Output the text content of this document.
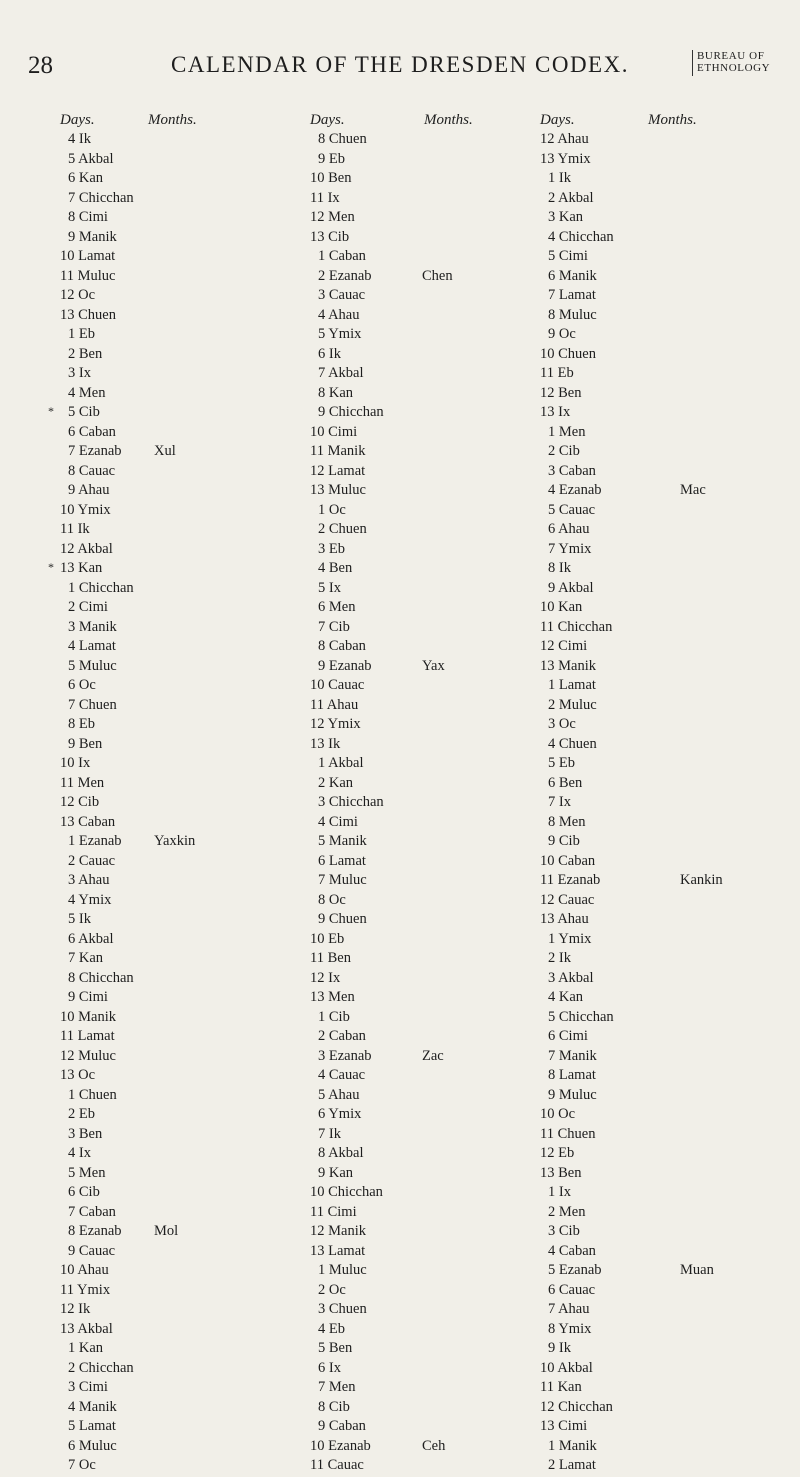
28	CALENDAR OF THE DRESDEN CODEX.	BUREAU OF
ETHNOLOGY
Days.	Months.
4 Ik
5 Akbal
6 Kan
7 Chicchan
8 Cimi
9 Manik
10 Lamat
11 Muluc
12 Oc
13 Chuen
1 Eb
2 Ben
3 Ix
4 Men
* 5 Cib
6 Caban
7 Ezanab Xul
8 Cauac
9 Ahau
10 Ymix
11 Ik
12 Akbal
* 13 Kan
1 Chicchan
2 Cimi
3 Manik
4 Lamat
5 Muluc
6 Oc
7 Chuen
8 Eb
9 Ben
10 Ix
11 Men
12 Cib
13 Caban
1 Ezanab Yaxkin
2 Cauac
3 Ahau
4 Ymix
5 Ik
6 Akbal
7 Kan
8 Chicchan
9 Cimi
10 Manik
11 Lamat
12 Muluc
13 Oc
1 Chuen
2 Eb
3 Ben
4 Ix
5 Men
6 Cib
7 Caban
8 Ezanab Mol
9 Cauac
10 Ahau
11 Ymix
12 Ik
13 Akbal
1 Kan
2 Chicchan
3 Cimi
4 Manik
5 Lamat
6 Muluc
7 Oc
Days.	Months.
8 Chuen
9 Eb
10 Ben
11 Ix
12 Men
13 Cib
1 Caban
2 Ezanab	Chen
3 Cauac
4 Ahau
5 Ymix
6 Ik
7 Akbal
8 Kan
9 Chicchan
10 Cimi
11 Manik
12 Lamat
13 Muluc
1 Oc
2 Chuen
3 Eb
4 Ben
5 Ix
6 Men
7 Cib
8 Caban
9 Ezanab	Yax
10 Cauac
11 Ahau
12 Ymix
13 Ik
1 Akbal
2 Kan
3 Chicchan
4 Cimi
5 Manik
6 Lamat
7 Muluc
8 Oc
9 Chuen
10 Eb
11 Ben
12 Ix
13 Men
1 Cib
2 Caban
3 Ezanab	Zac
4 Cauac
5 Ahau
6 Ymix
7 Ik
8 Akbal
9 Kan
10 Chicchan
11 Cimi
12 Manik
13 Lamat
1 Muluc
2 Oc
3 Chuen
4 Eb
5 Ben
6 Ix
7 Men
8 Cib
9 Caban
10 Ezanab	Ceh
11 Cauac
Days.	Months.
12 Ahau
13 Ymix
1 Ik
2 Akbal
3 Kan
4 Chicchan
5 Cimi
6 Manik
7 Lamat
8 Muluc
9 Oc
10 Chuen
11 Eb
12 Ben
13 Ix
1 Men
2 Cib
3 Caban
4 Ezanab	Mac
5 Cauac
6 Ahau
7 Ymix
8 Ik
9 Akbal
10 Kan
11 Chicchan
12 Cimi
13 Manik
1 Lamat
2 Muluc
3 Oc
4 Chuen
5 Eb
6 Ben
7 Ix
8 Men
9 Cib
10 Caban
11 Ezanab	Kankin
12 Cauac
13 Ahau
1 Ymix
2 Ik
3 Akbal
4 Kan
5 Chicchan
6 Cimi
7 Manik
8 Lamat
9 Muluc
10 Oc
11 Chuen
12 Eb
13 Ben
1 Ix
2 Men
3 Cib
4 Caban
5 Ezanab	Muan
6 Cauac
7 Ahau
8 Ymix
9 Ik
10 Akbal
11 Kan
12 Chicchan
13 Cimi
1 Manik
2 Lamat
